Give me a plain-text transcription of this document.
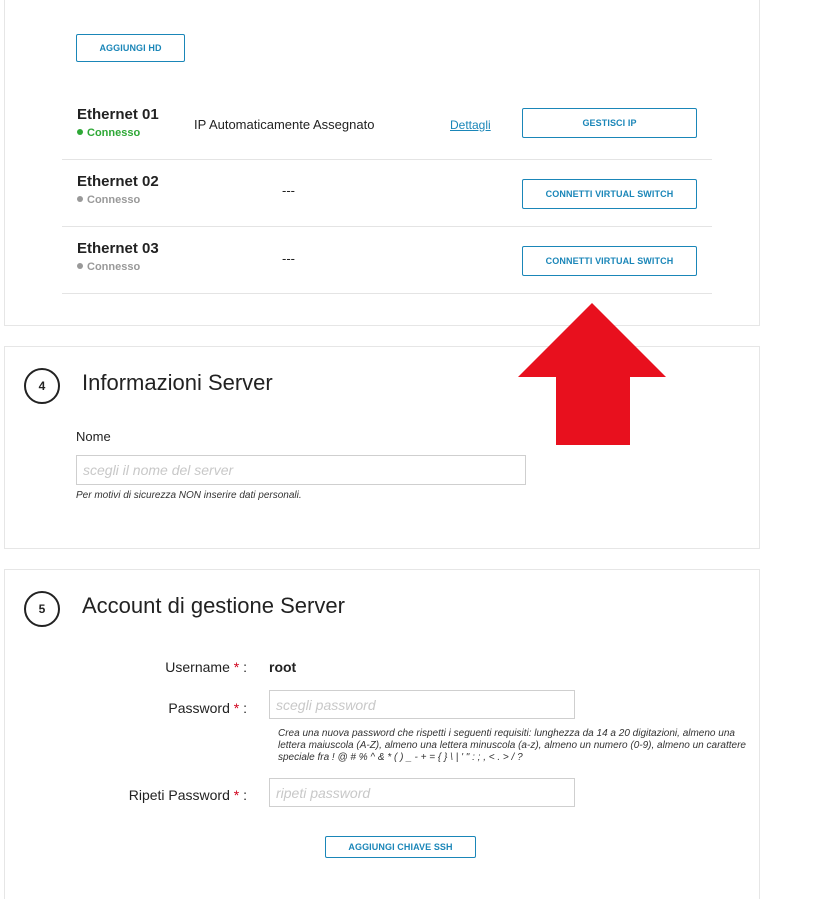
AGGIUNGI HD
Ethernet 01
Connesso
IP Automaticamente Assegnato	Dettagli	GESTISCI IP
Ethernet 02
Connesso
---	CONNETTI VIRTUAL SWITCH
Ethernet 03
Connesso
---	CONNETTI VIRTUAL SWITCH
4	Informazioni Server
Nome
scegli il nome del server
Per motivi di sicurezza NON inserire dati personali.
5	Account di gestione Server
Username * : root
Password * :
Crea una nuova password che rispetti i seguenti requisiti: lunghezza da 14 a 20 digitazioni, almeno una lettera maiuscola (A-Z), almeno una lettera minuscola (a-z), almeno un numero (0-9), almeno un carattere speciale fra ! @ # % ^ & * ( ) _ - + = { } \ | ' " : ; , < . > / ?
Ripeti Password * :
AGGIUNGI CHIAVE SSH
